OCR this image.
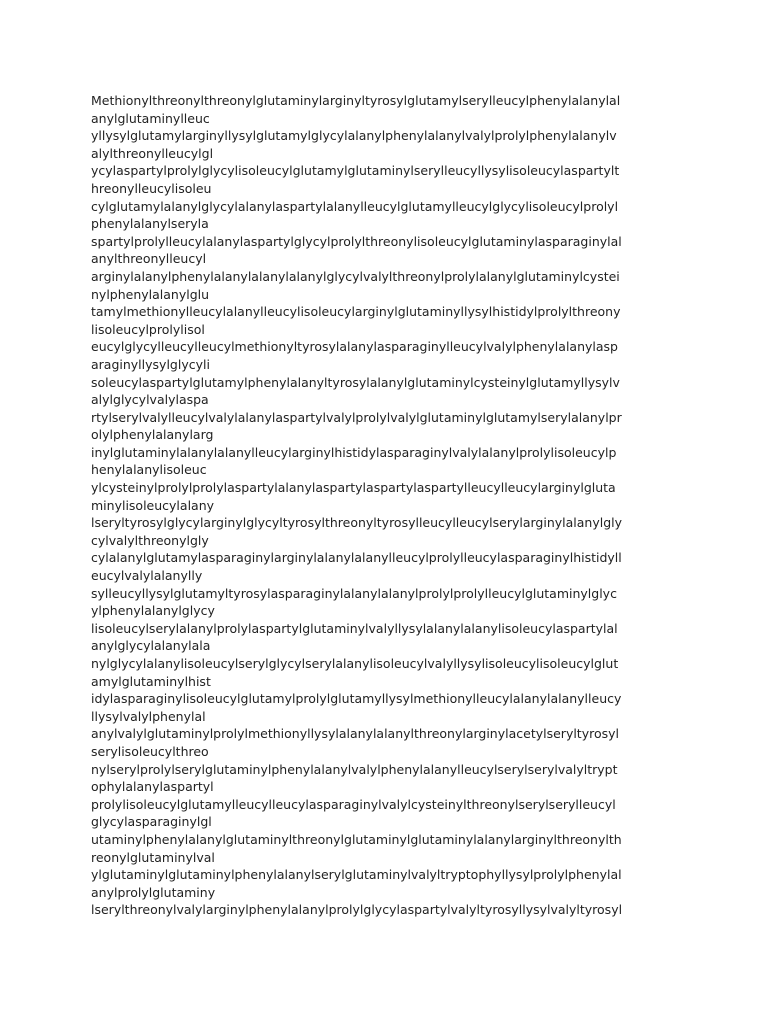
Methionylthreonylthreonylglutaminylarginyltyrosylglutamylserylleucylphenylalanylal
anylglutaminylleuc
yllysylglutamylarginyllysylglutamylglycylalanylphenylalanylvalylprolylphenylalanylv
alylthreonylleucylgl
ycylaspartylprolylglycylisoleucylglutamylglutaminylserylleucyllysylisoleucylaspartylt
hreonylleucylisoleu
cylglutamylalanylglycylalanylaspartylalanylleucylglutamylleucylglycylisoleucylprolyl
phenylalanylseryla
spartylprolylleucylalanylaspartylglycylprolylthreonylisoleucylglutaminylasparaginylal
anylthreonylleucyl
arginylalanylphenylalanylalanylalanylglycylvalylthreonylprolylalanylglutaminylcystei
nylphenylalanylglu
tamylmethionylleucylalanylleucylisoleucylarginylglutaminyllysylhistidylprolylthreony
lisoleucylprolylisol
eucylglycylleucylleucylmethionyltyrosylalanylasparaginylleucylvalylphenylalanylasp
araginyllysylglycyli
soleucylaspartylglutamylphenylalanyltyrosylalanylglutaminylcysteinylglutamyllysylv
alylglycylvalylaspa
rtylserylvalylleucylvalylalanylaspartylvalylprolylvalylglutaminylglutamylserylalanylpr
olylphenylalanylarg
inylglutaminylalanylalanylleucylarginylhistidylasparaginylvalylalanylprolylisoleucylp
henylalanylisoleuc
ylcysteinylprolylprolylaspartylalanylaspartylaspartylaspartylleucylleucylarginylgluta
minylisoleucylalany
lseryltyrosylglycylarginylglycyltyrosylthreonyltyrosylleucylleucylserylarginylalanylgly
cylvalylthreonylgly
cylalanylglutamylasparaginylarginylalanylalanylleucylprolylleucylasparaginylhistidyll
eucylvalylalanylly
sylleucyllysylglutamyltyrosylasparaginylalanylalanylprolylprolylleucylglutaminylglyc
ylphenylalanylglycy
lisoleucylserylalanylprolylaspartylglutaminylvalyllysylalanylalanylisoleucylaspartylal
anylglycylalanylala
nylglycylalanylisoleucylserylglycylserylalanylisoleucylvalyllysylisoleucylisoleucylglut
amylglutaminylhist
idylasparaginylisoleucylglutamylprolylglutamyllysylmethionylleucylalanylalanylleucy
llysylvalylphenylal
anylvalylglutaminylprolylmethionyllysylalanylalanylthreonylarginylacetylseryltyrosyl
serylisoleucylthreo
nylserylprolylserylglutaminylphenylalanylvalylphenylalanylleucylserylserylvalyltrypt
ophylalanylaspartyl
prolylisoleucylglutamylleucylleucylasparaginylvalylcysteinylthreonylserylserylleucyl
glycylasparaginylgl
utaminylphenylalanylglutaminylthreonylglutaminylglutaminylalanylarginylthreonylth
reonylglutaminylval
ylglutaminylglutaminylphenylalanylserylglutaminylvalyltryptophyllysylprolylphenylal
anylprolylglutaminy
lserylthreonylvalylarginylphenylalanylprolylglycylaspartylvalyltyrosyllysylvalyltyrosyl
